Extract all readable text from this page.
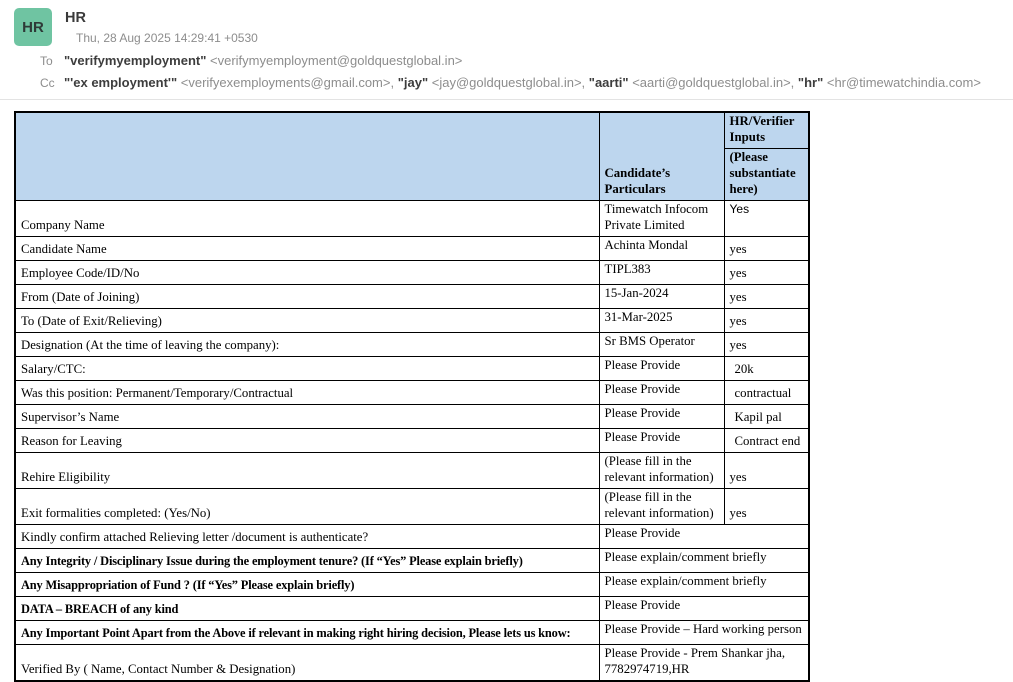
HR
HR
Thu, 28 Aug 2025 14:29:41 +0530
To "verifymyemployment" <verifymyemployment@goldquestglobal.in>
Cc "'ex employment'" <verifyexemployments@gmail.com>, "jay" <jay@goldquestglobal.in>, "aarti" <aarti@goldquestglobal.in>, "hr" <hr@timewatchindia.com>
	Candidate’s Particulars	HR/Verifier Inputs
		(Please substantiate here)
Company Name	Timewatch Infocom Private Limited	Yes
Candidate Name	Achinta Mondal	yes
Employee Code/ID/No	TIPL383	yes
From (Date of Joining)	15-Jan-2024	yes
To (Date of Exit/Relieving)	31-Mar-2025	yes
Designation (At the time of leaving the company):	Sr BMS Operator	yes
Salary/CTC:	Please Provide	20k
Was this position: Permanent/Temporary/Contractual	Please Provide	contractual
Supervisor’s Name	Please Provide	Kapil pal
Reason for Leaving	Please Provide	Contract end
Rehire Eligibility	(Please fill in the relevant information)	yes
Exit formalities completed: (Yes/No)	(Please fill in the relevant information)	yes
Kindly confirm attached Relieving letter /document is authenticate?	Please Provide	
Any Integrity / Disciplinary Issue during the employment tenure? (If “Yes” Please explain briefly)	Please explain/comment briefly	
Any Misappropriation of Fund ? (If “Yes” Please explain briefly)	Please explain/comment briefly	
DATA – BREACH of any kind	Please Provide	
Any Important Point Apart from the Above if relevant in making right hiring decision, Please lets us know:	Please Provide – Hard working person	
Verified By ( Name, Contact Number & Designation)	Please Provide - Prem Shankar jha, 7782974719,HR	
